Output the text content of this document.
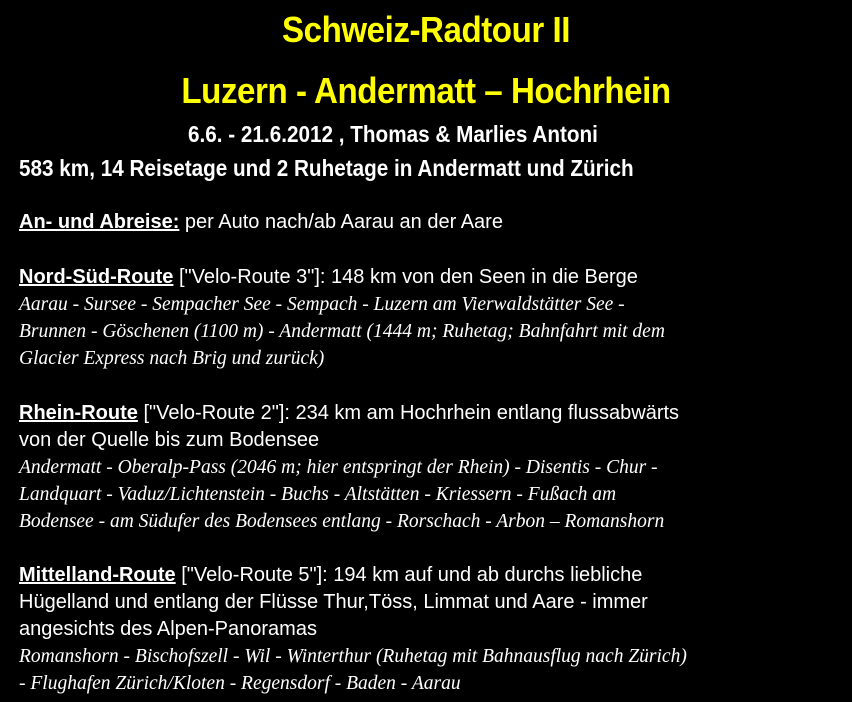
Schweiz-Radtour II
Luzern - Andermatt – Hochrhein
6.6. - 21.6.2012 , Thomas & Marlies Antoni
583 km, 14 Reisetage und 2 Ruhetage in Andermatt und Zürich
An- und Abreise: per Auto nach/ab Aarau an der Aare
Nord-Süd-Route ["Velo-Route 3"]: 148 km von den Seen in die Berge
Aarau - Sursee - Sempacher See - Sempach - Luzern am Vierwaldstätter See -
Brunnen - Göschenen (1100 m) - Andermatt (1444 m; Ruhetag; Bahnfahrt mit dem
Glacier Express nach Brig und zurück)
Rhein-Route ["Velo-Route 2"]: 234 km am Hochrhein entlang flussabwärts
von der Quelle bis zum Bodensee
Andermatt - Oberalp-Pass (2046 m; hier entspringt der Rhein) - Disentis - Chur -
Landquart - Vaduz/Lichtenstein - Buchs - Altstätten - Kriessern - Fußach am
Bodensee - am Südufer des Bodensees entlang - Rorschach - Arbon – Romanshorn
Mittelland-Route ["Velo-Route 5"]: 194 km auf und ab durchs liebliche
Hügelland und entlang der Flüsse Thur,Töss, Limmat und Aare - immer
angesichts des Alpen-Panoramas
Romanshorn - Bischofszell - Wil - Winterthur (Ruhetag mit Bahnausflug nach Zürich)
- Flughafen Zürich/Kloten - Regensdorf - Baden - Aarau
